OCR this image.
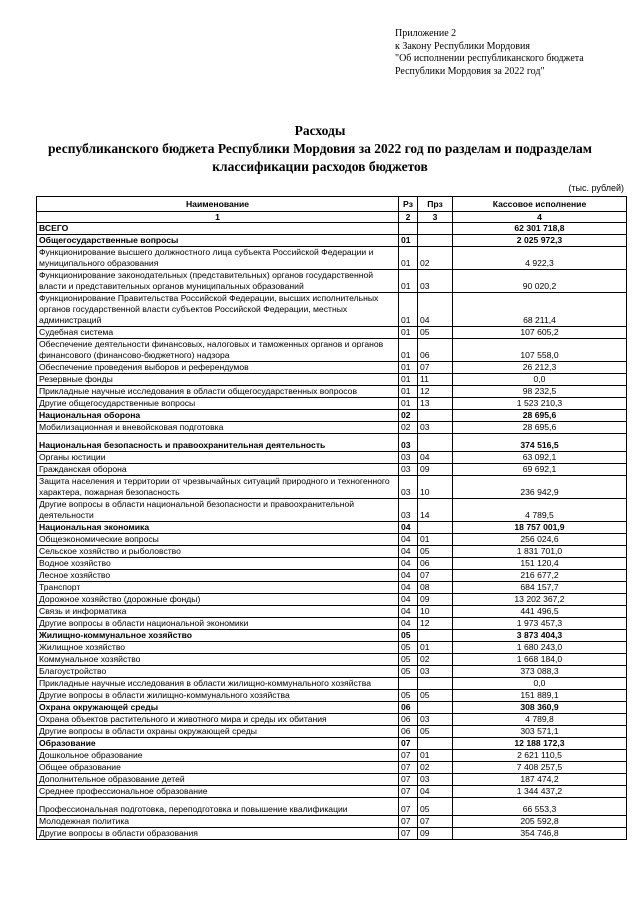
Приложение 2
к Закону Республики Мордовия
"Об исполнении республиканского бюджета
Республики Мордовия за 2022 год"
Расходы
республиканского бюджета Республики Мордовия за 2022 год по разделам и подразделам
классификации расходов бюджетов
(тыс. рублей)
Наименование	Рз	Прз	Кассовое исполнение
1	2	3	4
ВСЕГО			62 301 718,8
Общегосударственные вопросы	01		2 025 972,3
Функционирование высшего должностного лица субъекта Российской Федерации и муниципального образования	01	02	4 922,3
Функционирование законодательных (представительных) органов государственной власти и представительных органов муниципальных образований	01	03	90 020,2
Функционирование Правительства Российской Федерации, высших исполнительных органов государственной власти субъектов Российской Федерации, местных администраций	01	04	68 211,4
Судебная система	01	05	107 605,2
Обеспечение деятельности финансовых, налоговых и таможенных органов и органов финансового (финансово-бюджетного) надзора	01	06	107 558,0
Обеспечение проведения выборов и референдумов	01	07	26 212,3
Резервные фонды	01	11	0,0
Прикладные научные исследования в области общегосударственных вопросов	01	12	98 232,5
Другие общегосударственные вопросы	01	13	1 523 210,3
Национальная оборона	02		28 695,6
Мобилизационная и вневойсковая подготовка	02	03	28 695,6
Национальная безопасность и правоохранительная деятельность	03		374 516,5
Органы юстиции	03	04	63 092,1
Гражданская оборона	03	09	69 692,1
Защита населения и территории от чрезвычайных ситуаций природного и техногенного характера, пожарная безопасность	03	10	236 942,9
Другие вопросы в области национальной безопасности и правоохранительной деятельности	03	14	4 789,5
Национальная экономика	04		18 757 001,9
Общеэкономические вопросы	04	01	256 024,6
Сельское хозяйство и рыболовство	04	05	1 831 701,0
Водное хозяйство	04	06	151 120,4
Лесное хозяйство	04	07	216 677,2
Транспорт	04	08	684 157,7
Дорожное хозяйство (дорожные фонды)	04	09	13 202 367,2
Связь и информатика	04	10	441 496,5
Другие вопросы в области национальной экономики	04	12	1 973 457,3
Жилищно-коммунальное хозяйство	05		3 873 404,3
Жилищное хозяйство	05	01	1 680 243,0
Коммунальное хозяйство	05	02	1 668 184,0
Благоустройство	05	03	373 088,3
Прикладные научные исследования в области жилищно-коммунального хозяйства			0,0
Другие вопросы в области жилищно-коммунального хозяйства	05	05	151 889,1
Охрана окружающей среды	06		308 360,9
Охрана объектов растительного и животного мира и среды их обитания	06	03	4 789,8
Другие вопросы в области охраны окружающей среды	06	05	303 571,1
Образование	07		12 188 172,3
Дошкольное образование	07	01	2 621 110,5
Общее образование	07	02	7 408 257,5
Дополнительное образование детей	07	03	187 474,2
Среднее профессиональное образование	07	04	1 344 437,2
Профессиональная подготовка, переподготовка и повышение квалификации	07	05	66 553,3
Молодежная политика	07	07	205 592,8
Другие вопросы в области образования	07	09	354 746,8
